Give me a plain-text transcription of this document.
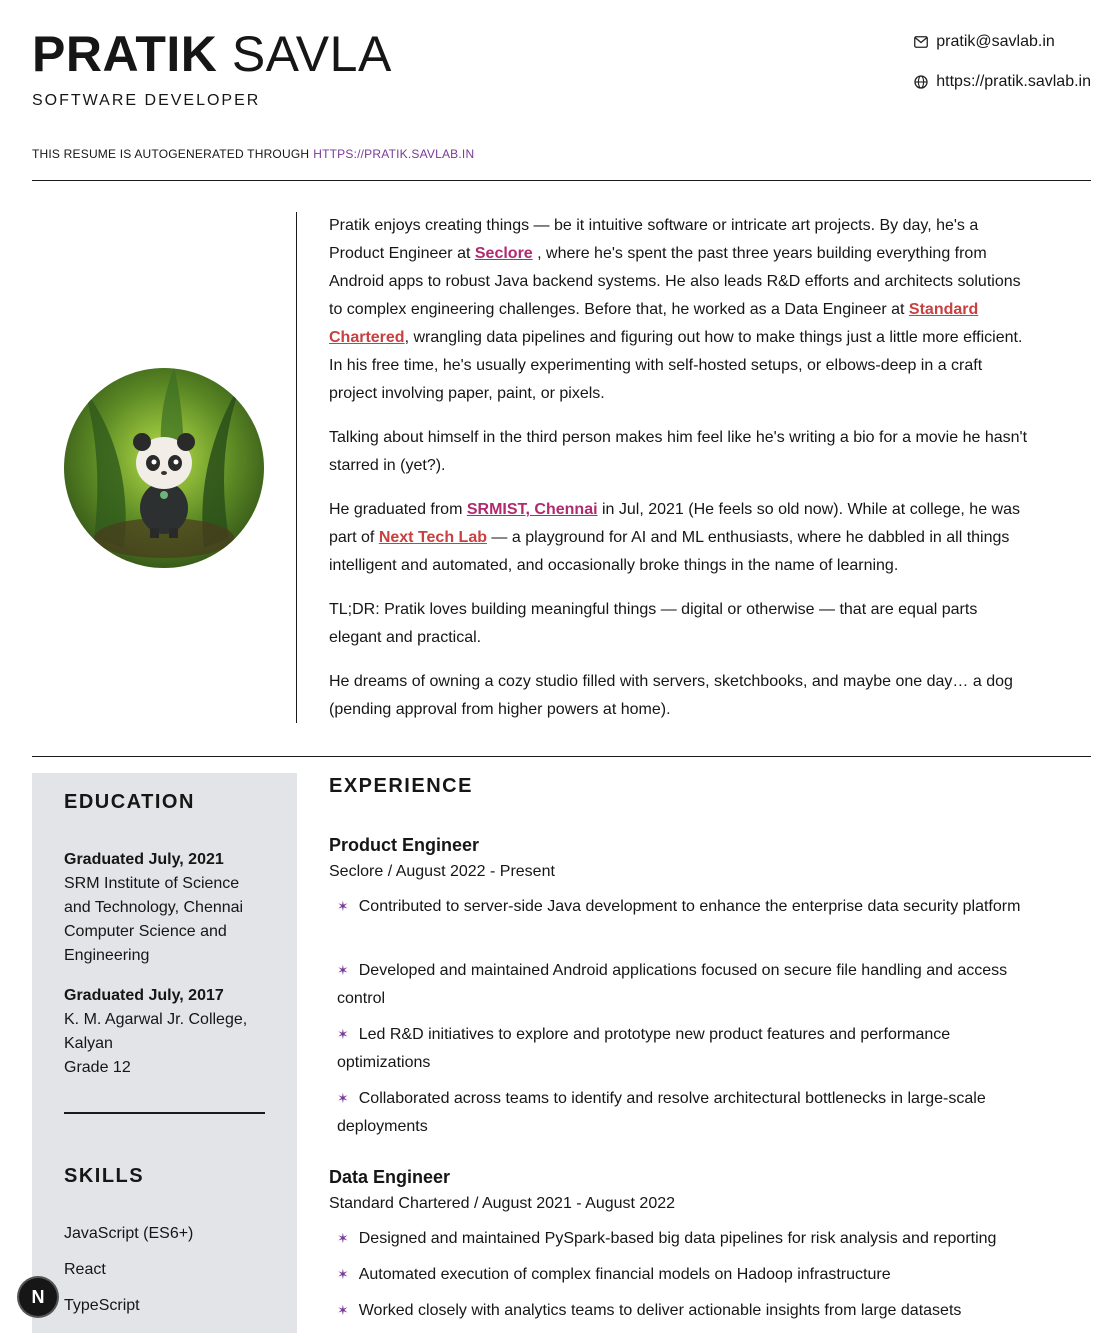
PRATIK SAVLA
SOFTWARE DEVELOPER
THIS RESUME IS AUTOGENERATED THROUGH HTTPS://PRATIK.SAVLAB.IN
pratik@savlab.in
https://pratik.savlab.in

Pratik enjoys creating things — be it intuitive software or intricate art projects. By day, he's a Product Engineer at Seclore , where he's spent the past three years building everything from Android apps to robust Java backend systems. He also leads R&D efforts and architects solutions to complex engineering challenges. Before that, he worked as a Data Engineer at Standard Chartered, wrangling data pipelines and figuring out how to make things just a little more efficient. In his free time, he's usually experimenting with self-hosted setups, or elbows-deep in a craft project involving paper, paint, or pixels.

Talking about himself in the third person makes him feel like he's writing a bio for a movie he hasn't starred in (yet?).

He graduated from SRMIST, Chennai in Jul, 2021 (He feels so old now). While at college, he was part of Next Tech Lab — a playground for AI and ML enthusiasts, where he dabbled in all things intelligent and automated, and occasionally broke things in the name of learning.

TL;DR: Pratik loves building meaningful things — digital or otherwise — that are equal parts elegant and practical.

He dreams of owning a cozy studio filled with servers, sketchbooks, and maybe one day… a dog (pending approval from higher powers at home).

EDUCATION
Graduated July, 2021
SRM Institute of Science and Technology, Chennai
Computer Science and Engineering
Graduated July, 2017
K. M. Agarwal Jr. College, Kalyan
Grade 12
SKILLS
JavaScript (ES6+)
React
TypeScript
EXPERIENCE
Product Engineer
Seclore / August 2022 - Present
✶ Contributed to server-side Java development to enhance the enterprise data security platform
✶ Developed and maintained Android applications focused on secure file handling and access control
✶ Led R&D initiatives to explore and prototype new product features and performance optimizations
✶ Collaborated across teams to identify and resolve architectural bottlenecks in large-scale deployments
Data Engineer
Standard Chartered / August 2021 - August 2022
✶ Designed and maintained PySpark-based big data pipelines for risk analysis and reporting
✶ Automated execution of complex financial models on Hadoop infrastructure
✶ Worked closely with analytics teams to deliver actionable insights from large datasets
N
